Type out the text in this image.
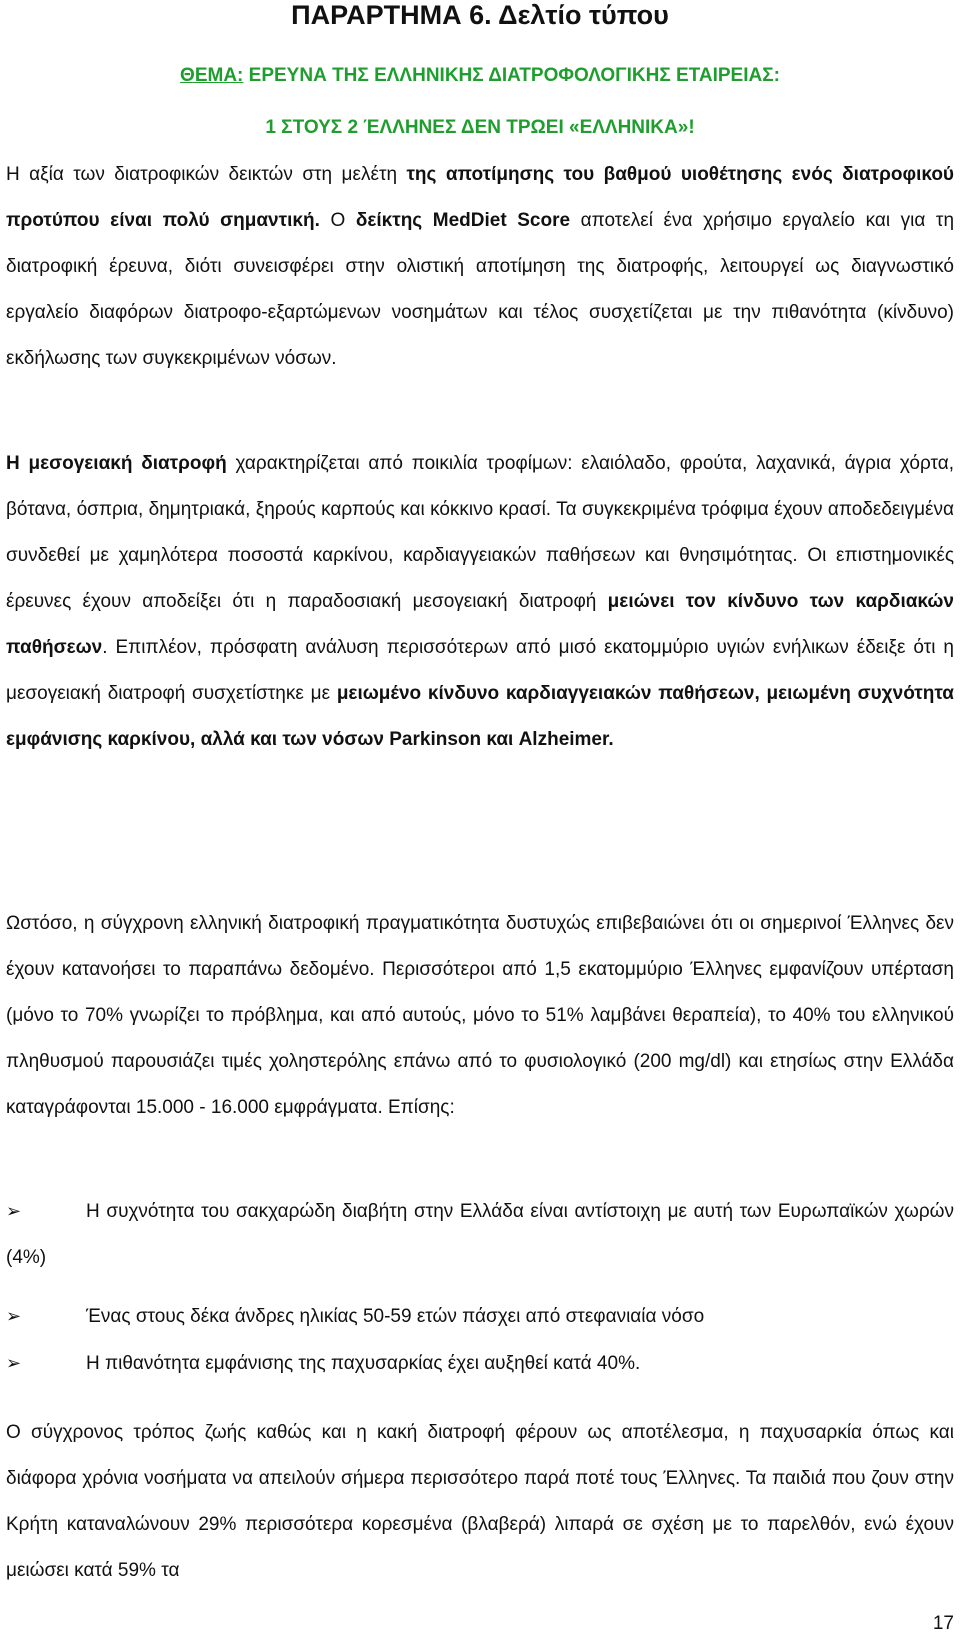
ΠΑΡΑΡΤΗΜΑ 6. Δελτίο τύπου
ΘΕΜΑ: ΕΡΕΥΝΑ ΤΗΣ ΕΛΛΗΝΙΚΗΣ ΔΙΑΤΡΟΦΟΛΟΓΙΚΗΣ ΕΤΑΙΡΕΙΑΣ:
1 ΣΤΟΥΣ 2 ΈΛΛΗΝΕΣ ΔΕΝ ΤΡΩΕΙ «ΕΛΛΗΝΙΚΑ»!

Η αξία των διατροφικών δεικτών στη μελέτη της αποτίμησης του βαθμού υιοθέτησης ενός διατροφικού προτύπου είναι πολύ σημαντική. Ο δείκτης MedDiet Score αποτελεί ένα χρήσιμο εργαλείο και για τη διατροφική έρευνα, διότι συνεισφέρει στην ολιστική αποτίμηση της διατροφής, λειτουργεί ως διαγνωστικό εργαλείο διαφόρων διατροφο-εξαρτώμενων νοσημάτων και τέλος συσχετίζεται με την πιθανότητα (κίνδυνο) εκδήλωσης των συγκεκριμένων νόσων.

Η μεσογειακή διατροφή χαρακτηρίζεται από ποικιλία τροφίμων: ελαιόλαδο, φρούτα, λαχανικά, άγρια χόρτα, βότανα, όσπρια, δημητριακά, ξηρούς καρπούς και κόκκινο κρασί. Τα συγκεκριμένα τρόφιμα έχουν αποδεδειγμένα συνδεθεί με χαμηλότερα ποσοστά καρκίνου, καρδιαγγειακών παθήσεων και θνησιμότητας. Οι επιστημονικές έρευνες έχουν αποδείξει ότι η παραδοσιακή μεσογειακή διατροφή μειώνει τον κίνδυνο των καρδιακών παθήσεων. Επιπλέον, πρόσφατη ανάλυση περισσότερων από μισό εκατομμύριο υγιών ενήλικων έδειξε ότι η μεσογειακή διατροφή συσχετίστηκε με μειωμένο κίνδυνο καρδιαγγειακών παθήσεων, μειωμένη συχνότητα εμφάνισης καρκίνου, αλλά και των νόσων Parkinson και Alzheimer.

Ωστόσο, η σύγχρονη ελληνική διατροφική πραγματικότητα δυστυχώς επιβεβαιώνει ότι οι σημερινοί Έλληνες δεν έχουν κατανοήσει το παραπάνω δεδομένο. Περισσότεροι από 1,5 εκατομμύριο Έλληνες εμφανίζουν υπέρταση (μόνο το 70% γνωρίζει το πρόβλημα, και από αυτούς, μόνο το 51% λαμβάνει θεραπεία), το 40% του ελληνικού πληθυσμού παρουσιάζει τιμές χοληστερόλης επάνω από το φυσιολογικό (200 mg/dl) και ετησίως στην Ελλάδα καταγράφονται 15.000 - 16.000 εμφράγματα. Επίσης:

➢	Η συχνότητα του σακχαρώδη διαβήτη στην Ελλάδα είναι αντίστοιχη με αυτή των Ευρωπαϊκών χωρών (4%)

➢	Ένας στους δέκα άνδρες ηλικίας 50-59 ετών πάσχει από στεφανιαία νόσο

➢	Η πιθανότητα εμφάνισης της παχυσαρκίας έχει αυξηθεί κατά 40%.

Ο σύγχρονος τρόπος ζωής καθώς και η κακή διατροφή φέρουν ως αποτέλεσμα, η παχυσαρκία όπως και διάφορα χρόνια νοσήματα να απειλούν σήμερα περισσότερο παρά ποτέ τους Έλληνες. Τα παιδιά που ζουν στην Κρήτη καταναλώνουν 29% περισσότερα κορεσμένα (βλαβερά) λιπαρά σε σχέση με το παρελθόν, ενώ έχουν μειώσει κατά 59% τα

17
